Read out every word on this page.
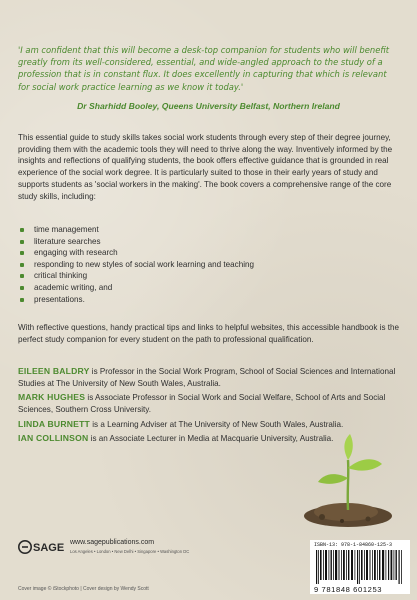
'I am confident that this will become a desk-top companion for students who will benefit greatly from its well-considered, essential, and wide-angled approach to the study of a profession that is in constant flux. It does excellently in capturing that which is relevant for social work practice learning as we know it today.'
Dr Sharhidd Booley, Queens University Belfast, Northern Ireland
This essential guide to study skills takes social work students through every step of their degree journey, providing them with the academic tools they will need to thrive along the way. Inventively informed by the insights and reflections of qualifying students, the book offers effective guidance that is grounded in real experience of the social work degree. It is particularly suited to those in their early years of study and supports students as 'social workers in the making'. The book covers a comprehensive range of the core study skills, including:
time management
literature searches
engaging with research
responding to new styles of social work learning and teaching
critical thinking
academic writing, and
presentations.
With reflective questions, handy practical tips and links to helpful websites, this accessible handbook is the perfect study companion for every student on the path to professional qualification.
EILEEN BALDRY is Professor in the Social Work Program, School of Social Sciences and International Studies at The University of New South Wales, Australia.
MARK HUGHES is Associate Professor in Social Work and Social Welfare, School of Arts and Social Sciences, Southern Cross University.
LINDA BURNETT is a Learning Adviser at The University of New South Wales, Australia.
IAN COLLINSON is an Associate Lecturer in Media at Macquarie University, Australia.
SAGE www.sagepublications.com
Los Angeles • London • New Delhi • Singapore • Washington DC
ISBN-13: 978-1-84860-125-3
9 781848 601253
Cover image © iStockphoto | Cover design by Wendy Scott
